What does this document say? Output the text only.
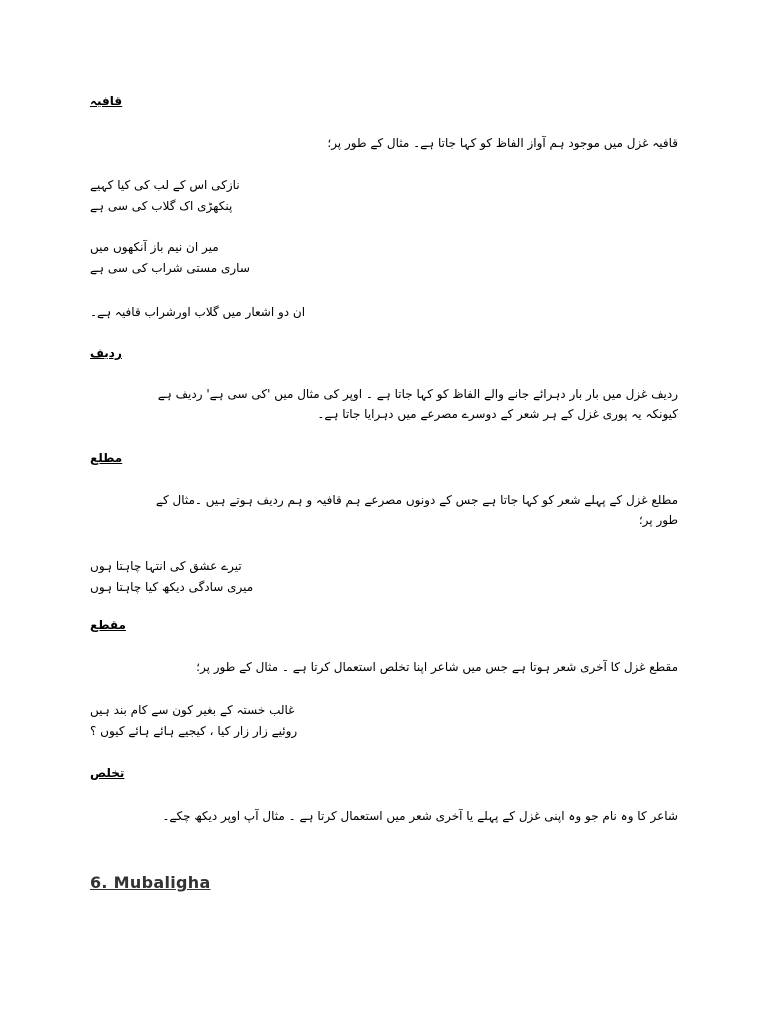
قافیہ
قافیہ غزل میں موجود ہم آواز الفاظ کو کہا جاتا ہے۔ مثال کے طور پر؛
نازکی اس کے لب کی کیا کہیے
پنکھڑی اک گلاب کی سی ہے
میر ان نیم باز آنکھوں میں
ساری مستی شراب کی سی ہے
ان دو اشعار میں گلاب اورشراب قافیہ ہے۔
ردیف
ردیف غزل میں بار بار دہرائے جانے والے الفاظ کو کہا جاتا ہے ۔ اوپر کی مثال میں 'کی سی ہے' ردیف ہے
کیونکہ یہ پوری غزل کے ہر شعر کے دوسرے مصرعے میں دہرایا جاتا ہے۔
مطلع
مطلع غزل کے پہلے شعر کو کہا جاتا ہے جس کے دونوں مصرعے ہم قافیہ و ہم ردیف ہوتے ہیں ۔مثال کے
طور پر؛
تیرے عشق کی انتہا چاہتا ہوں
میری سادگی دیکھ کیا چاہتا ہوں
مقطع
مقطع غزل کا آخری شعر ہوتا ہے جس میں شاعر اپنا تخلص استعمال کرتا ہے ۔ مثال کے طور پر؛
غالب خستہ کے بغیر کون سے کام بند ہیں
روئیے زار زار کیا ، کیجیے ہائے ہائے کیوں ؟
تخلص
شاعر کا وہ نام جو وہ اپنی غزل کے پہلے یا آخری شعر میں استعمال کرتا ہے ۔ مثال آپ اوپر دیکھ چکے۔
6. Mubaligha
